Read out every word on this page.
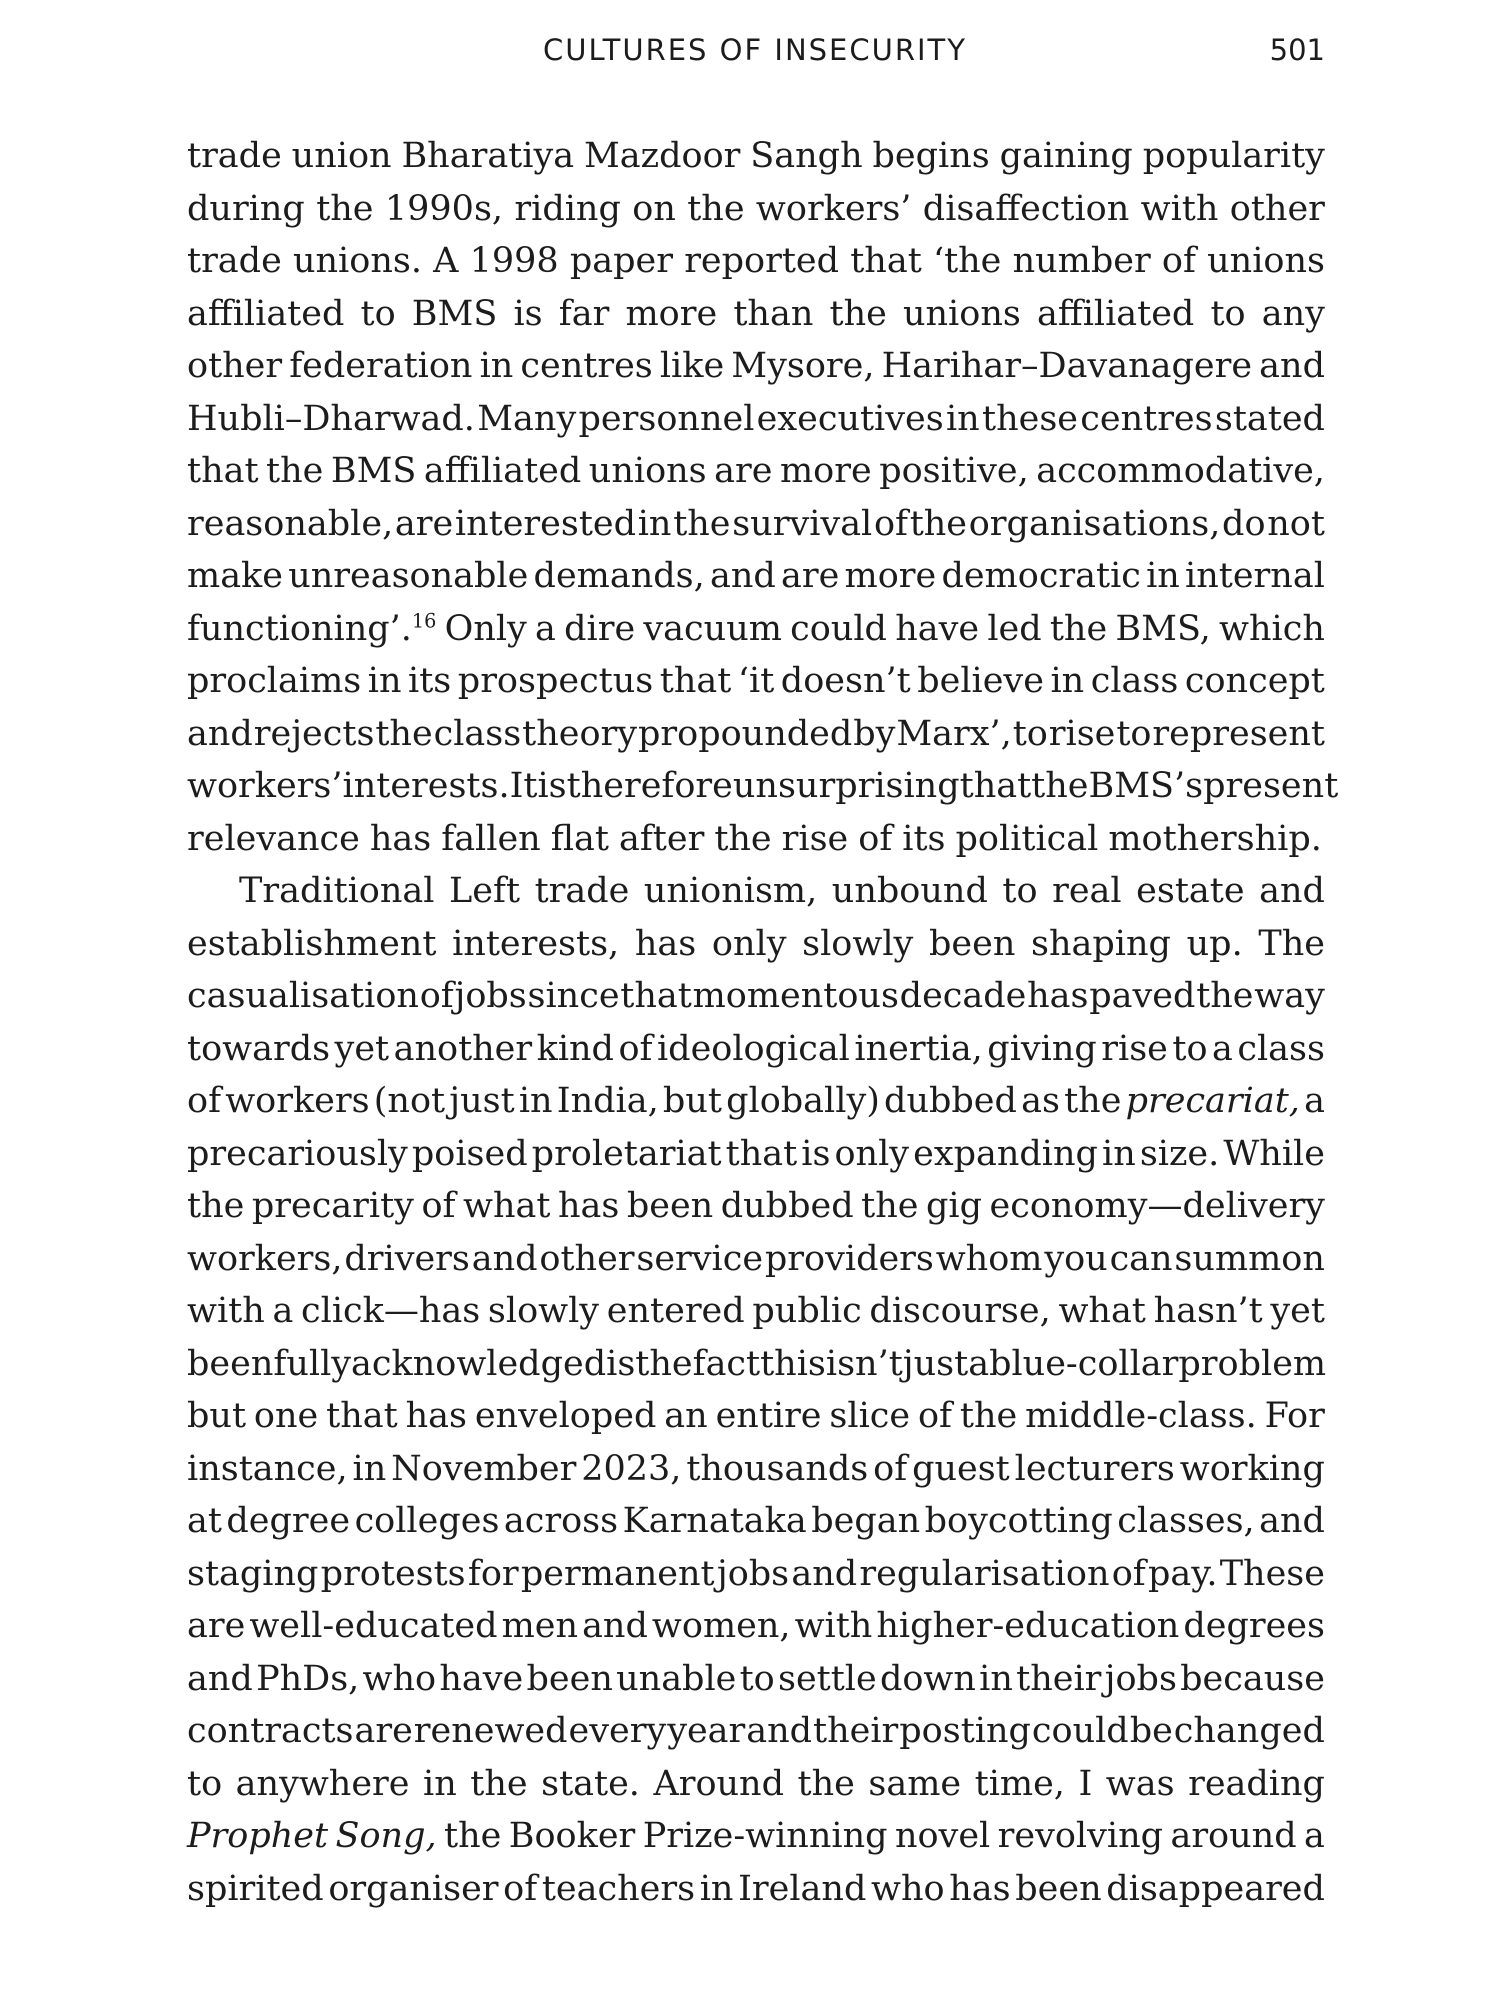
CULTURES OF INSECURITY	501
trade union Bharatiya Mazdoor Sangh begins gaining popularity
during the 1990s, riding on the workers’ disaffection with other
trade unions. A 1998 paper reported that ‘the number of unions
affiliated to BMS is far more than the unions affiliated to any
other federation in centres like Mysore, Harihar–Davanagere and
Hubli–Dharwad. Many personnel executives in these centres stated
that the BMS affiliated unions are more positive, accommodative,
reasonable, are interested in the survival of the organisations, do not
make unreasonable demands, and are more democratic in internal
functioning’.$^{16}$ Only a dire vacuum could have led the BMS, which
proclaims in its prospectus that ‘it doesn’t believe in class concept
and rejects the class theory propounded by Marx’, to rise to represent
workers’ interests. It is therefore unsurprising that the BMS’s present
relevance has fallen flat after the rise of its political mothership.
Traditional Left trade unionism, unbound to real estate and
establishment interests, has only slowly been shaping up. The
casualisation of jobs since that momentous decade has paved the way
towards yet another kind of ideological inertia, giving rise to a class
of workers (not just in India, but globally) dubbed as the precariat, a
precariously poised proletariat that is only expanding in size. While
the precarity of what has been dubbed the gig economy—delivery
workers, drivers and other service providers whom you can summon
with a click—has slowly entered public discourse, what hasn’t yet
been fully acknowledged is the fact this isn’t just a blue-collar problem
but one that has enveloped an entire slice of the middle-class. For
instance, in November 2023, thousands of guest lecturers working
at degree colleges across Karnataka began boycotting classes, and
staging protests for permanent jobs and regularisation of pay. These
are well-educated men and women, with higher-education degrees
and PhDs, who have been unable to settle down in their jobs because
contracts are renewed every year and their posting could be changed
to anywhere in the state. Around the same time, I was reading
Prophet Song, the Booker Prize-winning novel revolving around a
spirited organiser of teachers in Ireland who has been disappeared
